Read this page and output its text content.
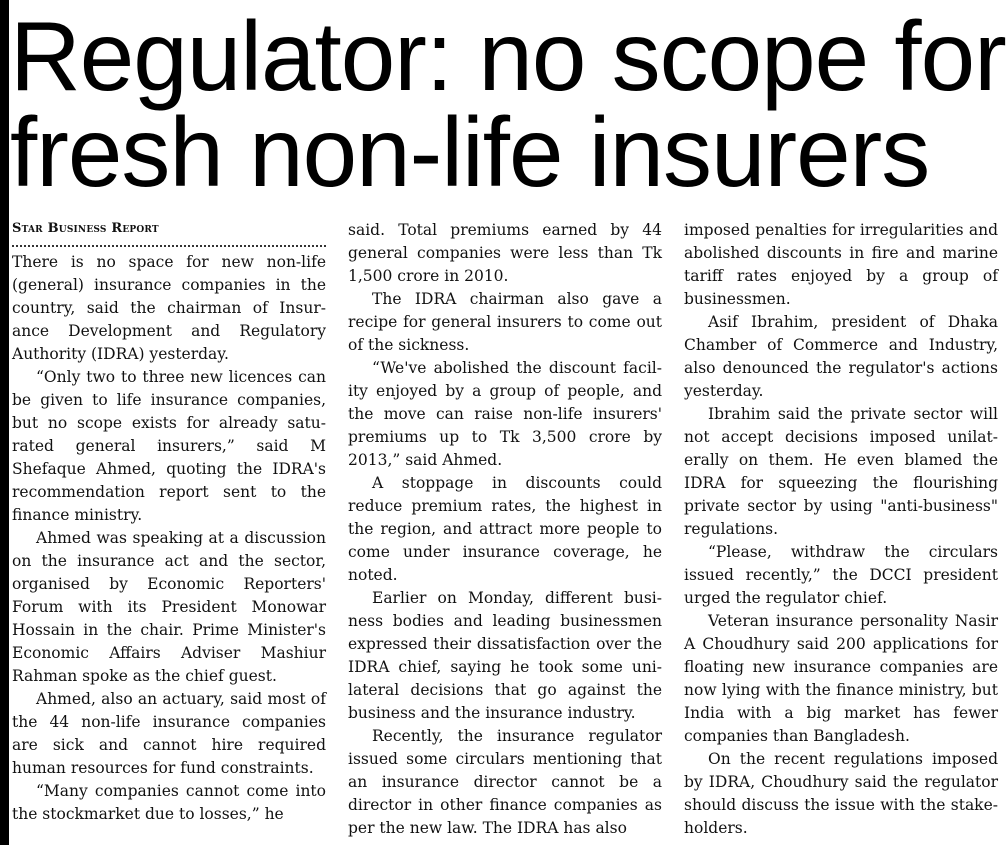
Regulator: no scope for
fresh non-life insurers
Star Business Report

There is no space for new non-life (general) insurance companies in the country, said the chairman of Insur-ance Development and Regulatory Authority (IDRA) yesterday.

“Only two to three new licences can be given to life insurance companies, but no scope exists for already satu-rated general insurers,” said M Shefaque Ahmed, quoting the IDRA's recommendation report sent to the finance ministry.

Ahmed was speaking at a discussion on the insurance act and the sector, organised by Economic Reporters' Forum with its President Monowar Hossain in the chair. Prime Minister's Economic Affairs Adviser Mashiur Rahman spoke as the chief guest.

Ahmed, also an actuary, said most of the 44 non-life insurance companies are sick and cannot hire required human resources for fund constraints.

“Many companies cannot come into the stockmarket due to losses,” he

said. Total premiums earned by 44 general companies were less than Tk 1,500 crore in 2010.

The IDRA chairman also gave a recipe for general insurers to come out of the sickness.

“We've abolished the discount facil-ity enjoyed by a group of people, and the move can raise non-life insurers' premiums up to Tk 3,500 crore by 2013,” said Ahmed.

A stoppage in discounts could reduce premium rates, the highest in the region, and attract more people to come under insurance coverage, he noted.

Earlier on Monday, different busi-ness bodies and leading businessmen expressed their dissatisfaction over the IDRA chief, saying he took some uni-lateral decisions that go against the business and the insurance industry.

Recently, the insurance regulator issued some circulars mentioning that an insurance director cannot be a director in other finance companies as per the new law. The IDRA has also

imposed penalties for irregularities and abolished discounts in fire and marine tariff rates enjoyed by a group of businessmen.

Asif Ibrahim, president of Dhaka Chamber of Commerce and Industry, also denounced the regulator's actions yesterday.

Ibrahim said the private sector will not accept decisions imposed unilat-erally on them. He even blamed the IDRA for squeezing the flourishing private sector by using "anti-business" regulations.

“Please, withdraw the circulars issued recently,” the DCCI president urged the regulator chief.

Veteran insurance personality Nasir A Choudhury said 200 applications for floating new insurance companies are now lying with the finance ministry, but India with a big market has fewer companies than Bangladesh.

On the recent regulations imposed by IDRA, Choudhury said the regulator should discuss the issue with the stake-holders.
